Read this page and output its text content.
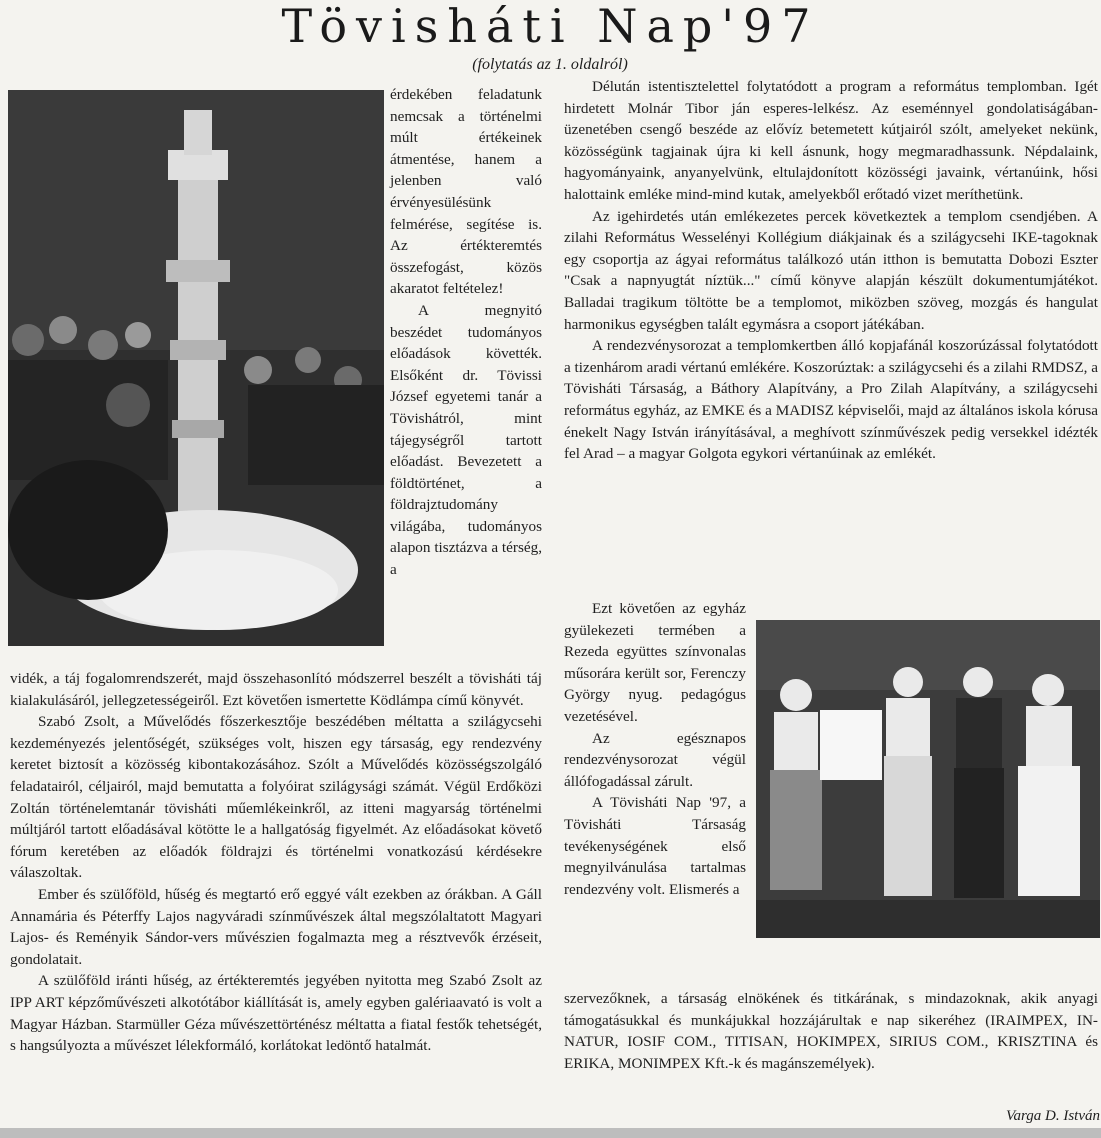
Tövisháti Nap'97
(folytatás az 1. oldalról)

érdekében feladatunk nemcsak a történelmi múlt értékeinek átmentése, hanem a jelenben való érvényesülésünk felmérése, segítése is. Az értékteremtés összefogást, közös akaratot feltételez!

A megnyitó beszédet tudományos előadások követték. Elsőként dr. Tövissi József egyetemi tanár a Tövishátról, mint tájegységről tartott előadást. Bevezetett a földtörténet, a földrajztudomány világába, tudományos alapon tisztázva a térség, a

vidék, a táj fogalomrendszerét, majd összehasonlító módszerrel beszélt a tövisháti táj kialakulásáról, jellegzetességeiről. Ezt követően ismertette Ködlámpa című könyvét.

Szabó Zsolt, a Művelődés főszerkesztője beszédében méltatta a szilágycsehi kezdeményezés jelentőségét, szükséges volt, hiszen egy társaság, egy rendezvény keretet biztosít a közösség kibontakozásához. Szólt a Művelődés közösségszolgáló feladatairól, céljairól, majd bemutatta a folyóirat szilágysági számát. Végül Erdőközi Zoltán történelemtanár tövisháti műemlékeinkről, az itteni magyarság történelmi múltjáról tartott előadásával kötötte le a hallgatóság figyelmét. Az előadásokat követő fórum keretében az előadók földrajzi és történelmi vonatkozású kérdésekre válaszoltak.

Ember és szülőföld, hűség és megtartó erő eggyé vált ezekben az órákban. A Gáll Annamária és Péterffy Lajos nagyváradi színművészek által megszólaltatott Magyari Lajos- és Reményik Sándor-vers művészien fogalmazta meg a résztvevők érzéseit, gondolatait.

A szülőföld iránti hűség, az értékteremtés jegyében nyitotta meg Szabó Zsolt az IPP ART képzőművészeti alkotótábor kiállítását is, amely egyben galériaavató is volt a Magyar Házban. Starmüller Géza művészettörténész méltatta a fiatal festők tehetségét, s hangsúlyozta a művészet lélekformáló, korlátokat ledöntő hatalmát.

Délután istentisztelettel folytatódott a program a református templomban. Igét hirdetett Molnár Tibor ján esperes-lelkész. Az eseménnyel gondolatiságában-üzenetében csengő beszéde az elővíz betemetett kútjairól szólt, amelyeket nekünk, közösségünk tagjainak újra ki kell ásnunk, hogy megmaradhassunk. Népdalaink, hagyományaink, anyanyelvünk, eltulajdonított közösségi javaink, vértanúink, hősi halottaink emléke mind-mind kutak, amelyekből erőtadó vizet meríthetünk.

Az igehirdetés után emlékezetes percek következtek a templom csendjében. A zilahi Református Wesselényi Kollégium diákjainak és a szilágycsehi IKE-tagoknak egy csoportja az ágyai református találkozó után itthon is bemutatta Dobozi Eszter "Csak a napnyugtát níztük..." című könyve alapján készült dokumentumjátékot. Balladai tragikum töltötte be a templomot, miközben szöveg, mozgás és hangulat harmonikus egységben talált egymásra a csoport játékában.

A rendezvénysorozat a templomkertben álló kopjafánál koszorúzással folytatódott a tizenhárom aradi vértanú emlékére. Koszorúztak: a szilágycsehi és a zilahi RMDSZ, a Tövisháti Társaság, a Báthory Alapítvány, a Pro Zilah Alapítvány, a szilágycsehi református egyház, az EMKE és a MADISZ képviselői, majd az általános iskola kórusa énekelt Nagy István irányításával, a meghívott színművészek pedig versekkel idézték fel Arad – a magyar Golgota egykori vértanúinak az emlékét.

Ezt követően az egyház gyülekezeti termében a Rezeda együttes színvonalas műsorára került sor, Ferenczy György nyug. pedagógus vezetésével.

Az egésznapos rendezvénysorozat végül állófogadással zárult.

A Tövisháti Nap '97, a Tövisháti Társaság tevékenységének első megnyilvánulása tartalmas rendezvény volt. Elismerés a

szervezőknek, a társaság elnökének és titkárának, s mindazoknak, akik anyagi támogatásukkal és munkájukkal hozzájárultak e nap sikeréhez (IRAIMPEX, IN-NATUR, IOSIF COM., TITISAN, HOKIMPEX, SIRIUS COM., KRISZTINA és ERIKA, MONIMPEX Kft.-k és magánszemélyek).

Varga D. István
